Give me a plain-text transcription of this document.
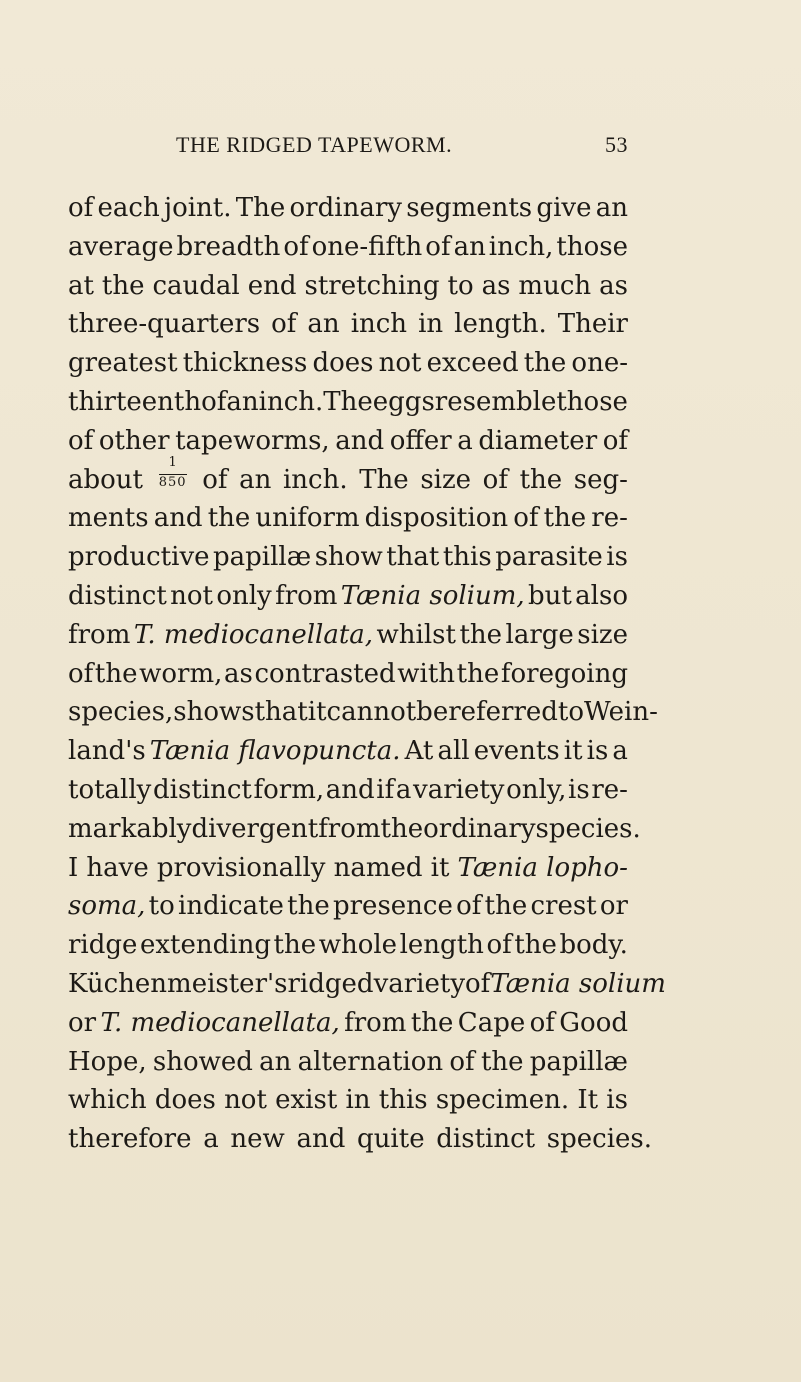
THE RIDGED TAPEWORM.	53
of each joint. The ordinary segments give an
average breadth of one-fifth of an inch, those
at the caudal end stretching to as much as
three-quarters of an inch in length. Their
greatest thickness does not exceed the one-
thirteenth of an inch. The eggs resemble those
of other tapeworms, and offer a diameter of
about $\frac{1}{850}$ of an inch. The size of the seg-
ments and the uniform disposition of the re-
productive papillæ show that this parasite is
distinct not only from Tænia solium, but also
from T. mediocanellata, whilst the large size
of the worm, as contrasted with the foregoing
species, shows that it cannot be referred to Wein-
land's Tænia flavopuncta. At all events it is a
totally distinct form, and if a variety only, is re-
markably divergent from the ordinary species.
I have provisionally named it Tænia lopho-
soma, to indicate the presence of the crest or
ridge extending the whole length of the body.
Küchenmeister's ridged variety of Tænia solium
or T. mediocanellata, from the Cape of Good
Hope, showed an alternation of the papillæ
which does not exist in this specimen. It is
therefore a new and quite distinct species.
